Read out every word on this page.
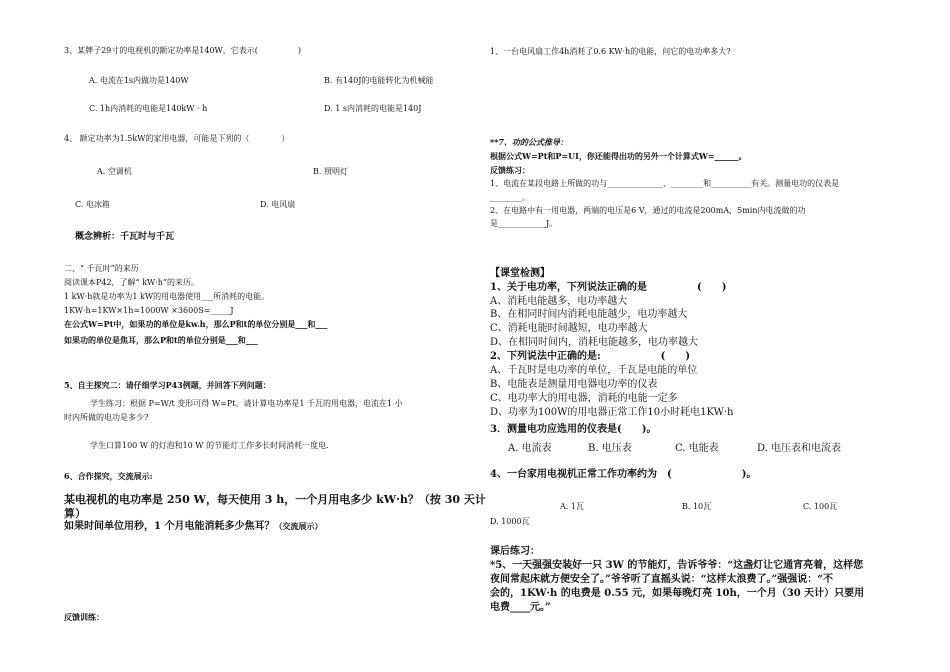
3、某牌子29寸的电视机的额定功率是140W，它表示(　　　　　)
A. 电流在1s内做功是140W	B. 有140J的电能转化为机械能
C. 1h内消耗的电能是140kW · h	D. 1 s内消耗的电能是140J
4、 额定功率为1.5kW的家用电器，可能是下列的（　　　　）
A. 空调机	B. 照明灯
C. 电冰箱	D. 电风扇
概念辨析：千瓦时与千瓦
二、“ 千瓦时”的来历
阅读课本P42，了解“ kW·h”的来历。
1 kW·h就是功率为1 kW的用电器使用___所消耗的电能。
1KW·h=1KW×1h=1000W ×3600S=_____J
在公式W=Pt中，如果功的单位是kw.h，那么P和t的单位分别是___和___
如果功的单位是焦耳，那么P和t的单位分别是___和___
5、自主探究二：请仔细学习P43例题，并回答下列问题：
学生练习：根据 P=W/t 变形可得 W=Pt。请计算电功率是1 千瓦的用电器，电流在1 小
时内所做的电功是多少?
学生口算100 W 的灯泡和10 W 的节能灯工作多长时间消耗一度电.
6、合作探究，交流展示:
某电视机的电功率是 250 W，每天使用 3 h，一个月用电多少 kW·h？（按 30 天计
算）
如果时间单位用秒，1 个月电能消耗多少焦耳？（交流展示）
反馈训练：
1、一台电风扇工作4h消耗了0.6 KW·h的电能，问它的电功率多大?
**7、功的公式推导：
根据公式W=Pt和P=UI，你还能得出功的另外一个计算式W=______。
反馈练习：
1、电流在某段电路上所做的功与______________、________和__________有关。测量电功的仪表是
________。
2、在电路中有一用电器，两端的电压是6 V，通过的电流是200mA，5min内电流做的功
是____________J。
【课堂检测】
1、关于电功率，下列说法正确的是　　　　　(　　)
A、消耗电能越多，电功率越大
B、在相同时间内消耗电能越少，电功率越大
C、消耗电能时间越短，电功率越大
D、在相同时间内，消耗电能越多，电功率越大
2、下列说法中正确的是:　　　　　　(　　)
A、千瓦时是电功率的单位，千瓦是电能的单位
B、电能表是测量用电器电功率的仪表
C、电功率大的用电器，消耗的电能一定多
D、功率为100W的用电器正常工作10小时耗电1KW·h
3．测量电功应选用的仪表是(　　)。
A. 电流表	B. 电压表	C. 电能表	D. 电压表和电流表
4、一台家用电视机正常工作功率约为　(　　　　　　　)。
A. 1瓦	B. 10瓦	C. 100瓦
D. 1000瓦
课后练习：
*5、一天强强安装好一只 3W 的节能灯，告诉爷爷：“这盏灯让它通宵亮着，这样您
夜间常起床就方便安全了。”爷爷听了直摇头说：“这样太浪费了。”强强说：“不
会的，1KW·h 的电费是 0.55 元，如果每晚灯亮 10h，一个月（30 天计）只要用
电费____元。”
